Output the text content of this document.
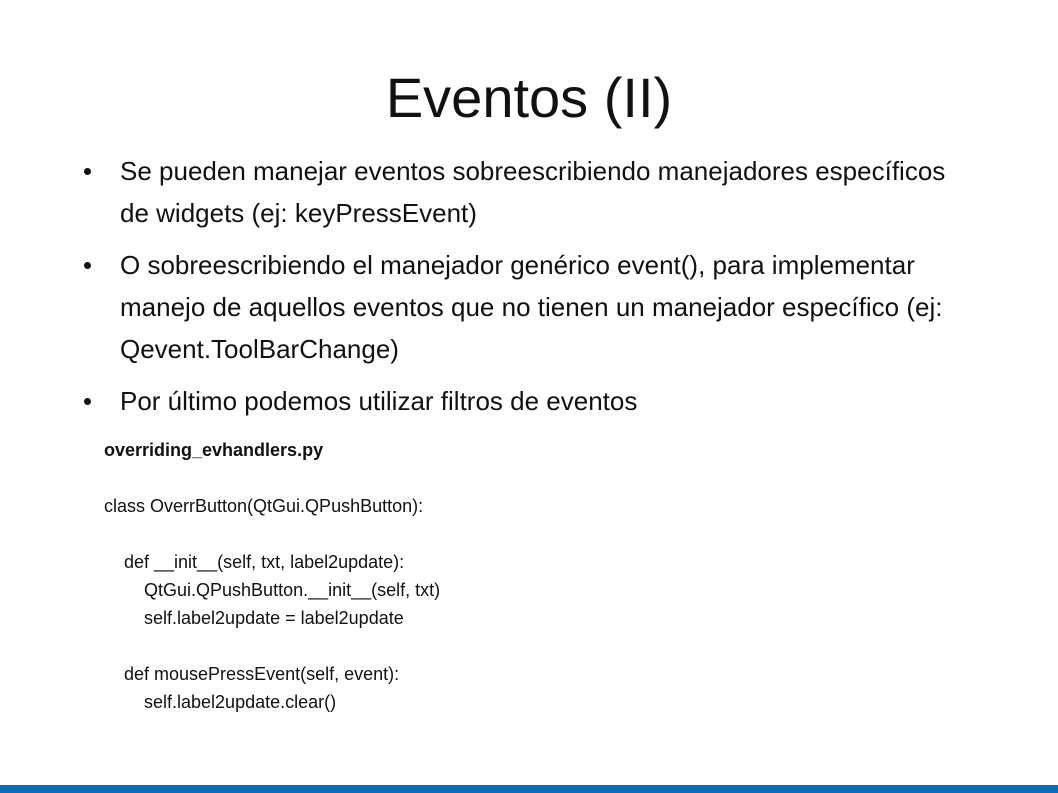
Eventos (II)
Se pueden manejar eventos sobreescribiendo manejadores específicos de widgets (ej: keyPressEvent)
O sobreescribiendo el manejador genérico event(), para implementar manejo de aquellos eventos que no tienen un manejador específico (ej: Qevent.ToolBarChange)
Por último podemos utilizar filtros de eventos
overriding_evhandlers.py
class OverrButton(QtGui.QPushButton):
def __init__(self, txt, label2update):
QtGui.QPushButton.__init__(self, txt)
self.label2update = label2update
def mousePressEvent(self, event):
self.label2update.clear()
